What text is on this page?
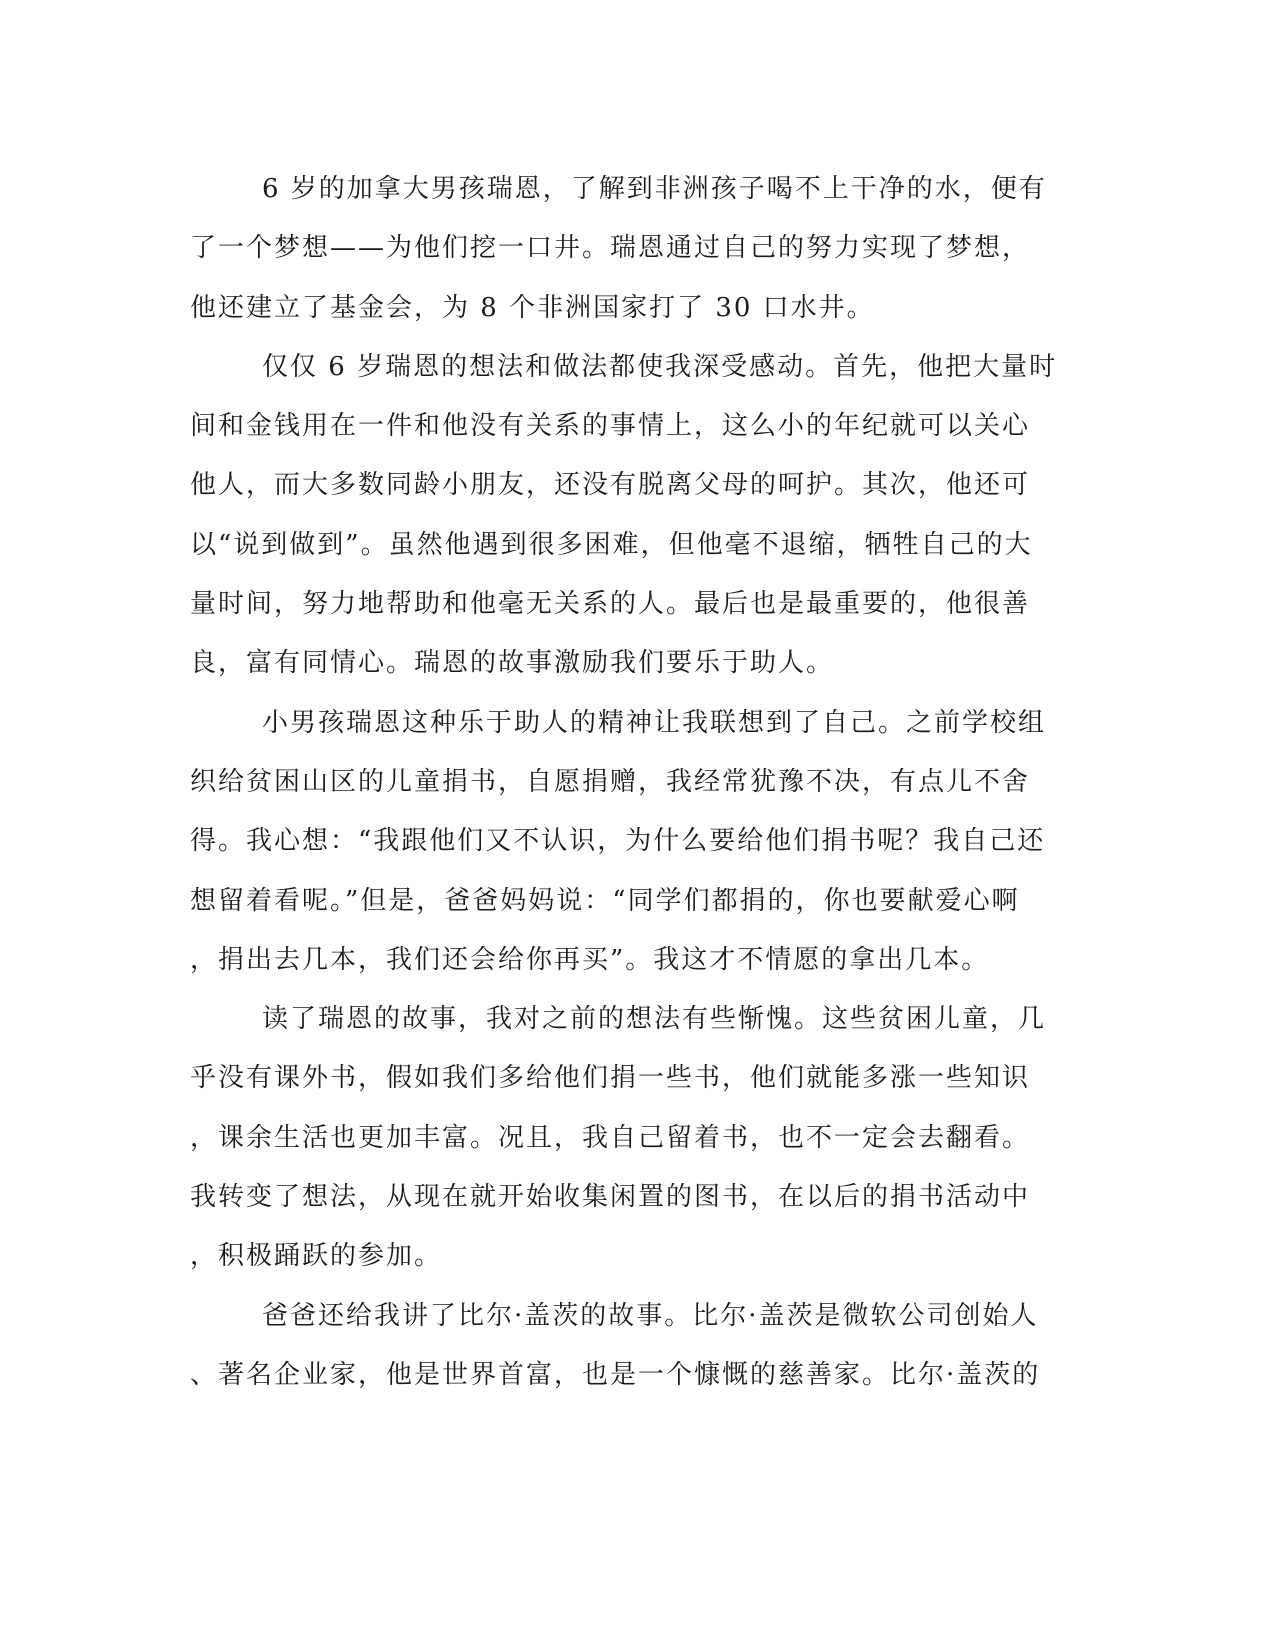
6 岁的加拿大男孩瑞恩，了解到非洲孩子喝不上干净的水，便有
了一个梦想——为他们挖一口井。瑞恩通过自己的努力实现了梦想，
他还建立了基金会，为 8 个非洲国家打了 30 口水井。
仅仅 6 岁瑞恩的想法和做法都使我深受感动。首先，他把大量时
间和金钱用在一件和他没有关系的事情上，这么小的年纪就可以关心
他人，而大多数同龄小朋友，还没有脱离父母的呵护。其次，他还可
以“说到做到”。虽然他遇到很多困难，但他毫不退缩，牺牲自己的大
量时间，努力地帮助和他毫无关系的人。最后也是最重要的，他很善
良，富有同情心。瑞恩的故事激励我们要乐于助人。
小男孩瑞恩这种乐于助人的精神让我联想到了自己。之前学校组
织给贫困山区的儿童捐书，自愿捐赠，我经常犹豫不决，有点儿不舍
得。我心想：“我跟他们又不认识，为什么要给他们捐书呢？我自己还
想留着看呢。”但是，爸爸妈妈说：“同学们都捐的，你也要献爱心啊
，捐出去几本，我们还会给你再买”。我这才不情愿的拿出几本。
读了瑞恩的故事，我对之前的想法有些惭愧。这些贫困儿童，几
乎没有课外书，假如我们多给他们捐一些书，他们就能多涨一些知识
，课余生活也更加丰富。况且，我自己留着书，也不一定会去翻看。
我转变了想法，从现在就开始收集闲置的图书，在以后的捐书活动中
，积极踊跃的参加。
爸爸还给我讲了比尔·盖茨的故事。比尔·盖茨是微软公司创始人
、著名企业家，他是世界首富，也是一个慷慨的慈善家。比尔·盖茨的
